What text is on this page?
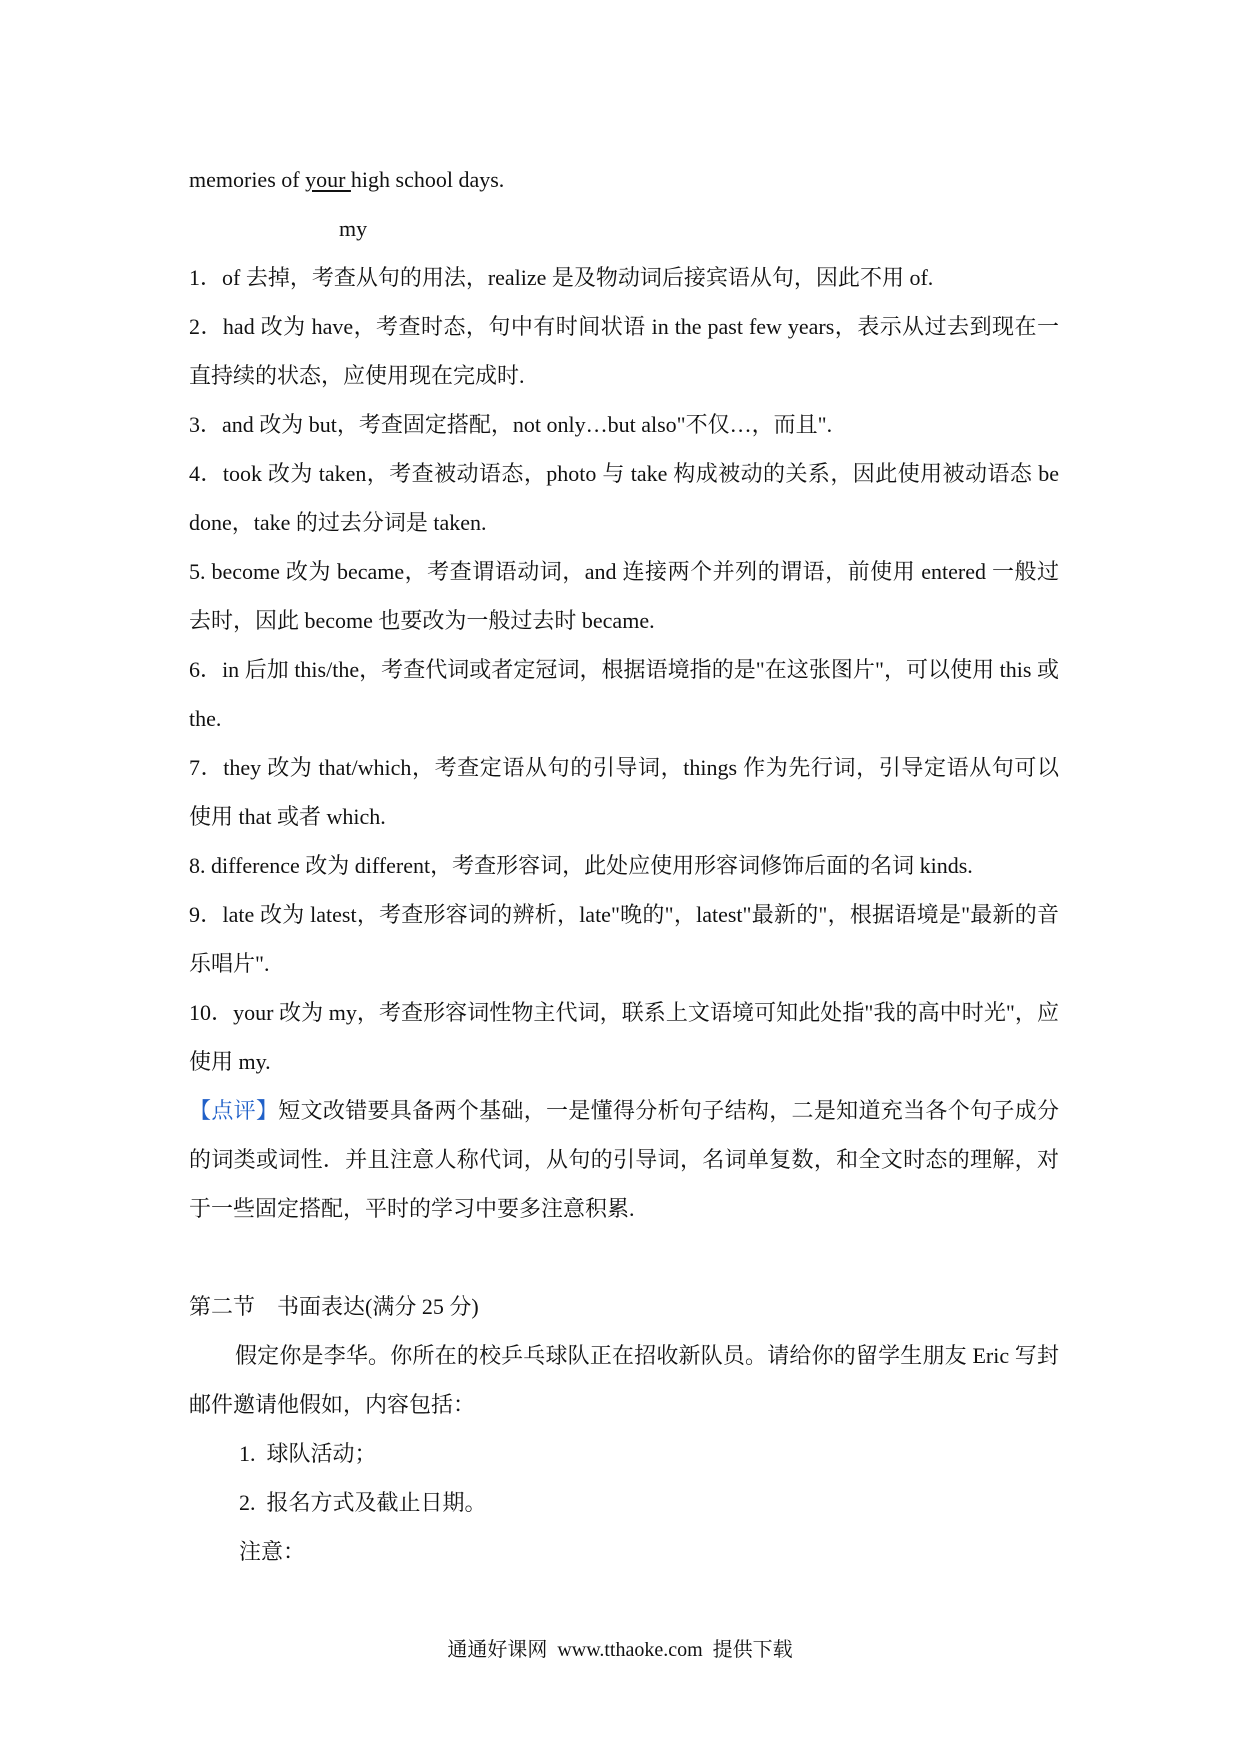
memories of your high school days.
my
1．of 去掉，考查从句的用法，realize 是及物动词后接宾语从句，因此不用 of.
2．had 改为 have，考查时态，句中有时间状语 in the past few years，表示从过去到现在一直持续的状态，应使用现在完成时.
3．and 改为 but，考查固定搭配，not only…but also"不仅…，而且".
4．took 改为 taken，考查被动语态，photo 与 take 构成被动的关系，因此使用被动语态 be done，take 的过去分词是 taken.
5. become 改为 became，考查谓语动词，and 连接两个并列的谓语，前使用 entered 一般过去时，因此 become 也要改为一般过去时 became.
6．in 后加 this/the，考查代词或者定冠词，根据语境指的是"在这张图片"，可以使用 this 或 the.
7．they 改为 that/which，考查定语从句的引导词，things 作为先行词，引导定语从句可以使用 that 或者 which.
8. difference 改为 different，考查形容词，此处应使用形容词修饰后面的名词 kinds.
9．late 改为 latest，考查形容词的辨析，late"晚的"，latest"最新的"，根据语境是"最新的音乐唱片".
10．your 改为 my，考查形容词性物主代词，联系上文语境可知此处指"我的高中时光"，应使用 my.
【点评】短文改错要具备两个基础，一是懂得分析句子结构，二是知道充当各个句子成分的词类或词性．并且注意人称代词，从句的引导词，名词单复数，和全文时态的理解，对于一些固定搭配，平时的学习中要多注意积累.
第二节    书面表达(满分 25 分)
假定你是李华。你所在的校乒乓球队正在招收新队员。请给你的留学生朋友 Eric 写封邮件邀请他假如，内容包括：
1.  球队活动；
2.  报名方式及截止日期。
注意：
通通好课网  www.tthaoke.com  提供下载
